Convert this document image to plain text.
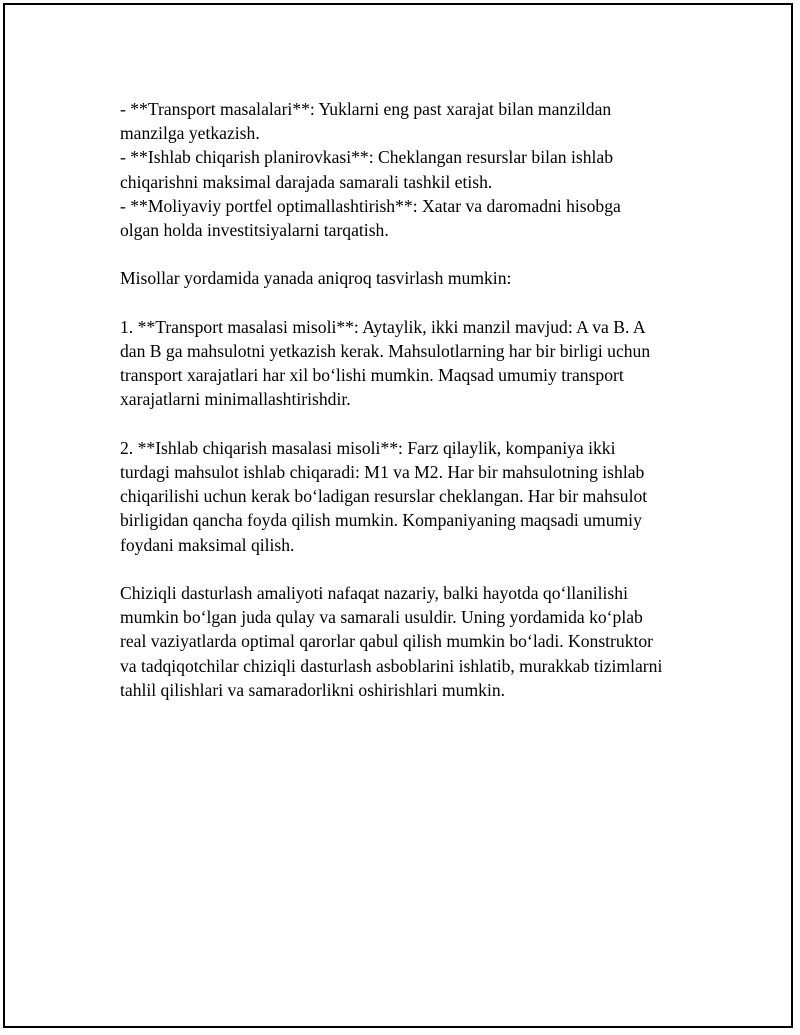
- **Transport masalalari**: Yuklarni eng past xarajat bilan manzildan
manzilga yetkazish.
- **Ishlab chiqarish planirovkasi**: Cheklangan resurslar bilan ishlab
chiqarishni maksimal darajada samarali tashkil etish.
- **Moliyaviy portfel optimallashtirish**: Xatar va daromadni hisobga
olgan holda investitsiyalarni tarqatish.

Misollar yordamida yanada aniqroq tasvirlash mumkin:

1. **Transport masalasi misoli**: Aytaylik, ikki manzil mavjud: A va B. A
dan B ga mahsulotni yetkazish kerak. Mahsulotlarning har bir birligi uchun
transport xarajatlari har xil bo‘lishi mumkin. Maqsad umumiy transport
xarajatlarni minimallashtirishdir.

2. **Ishlab chiqarish masalasi misoli**: Farz qilaylik, kompaniya ikki
turdagi mahsulot ishlab chiqaradi: M1 va M2. Har bir mahsulotning ishlab
chiqarilishi uchun kerak bo‘ladigan resurslar cheklangan. Har bir mahsulot
birligidan qancha foyda qilish mumkin. Kompaniyaning maqsadi umumiy
foydani maksimal qilish.

Chiziqli dasturlash amaliyoti nafaqat nazariy, balki hayotda qo‘llanilishi
mumkin bo‘lgan juda qulay va samarali usuldir. Uning yordamida ko‘plab
real vaziyatlarda optimal qarorlar qabul qilish mumkin bo‘ladi. Konstruktor
va tadqiqotchilar chiziqli dasturlash asboblarini ishlatib, murakkab tizimlarni
tahlil qilishlari va samaradorlikni oshirishlari mumkin.
